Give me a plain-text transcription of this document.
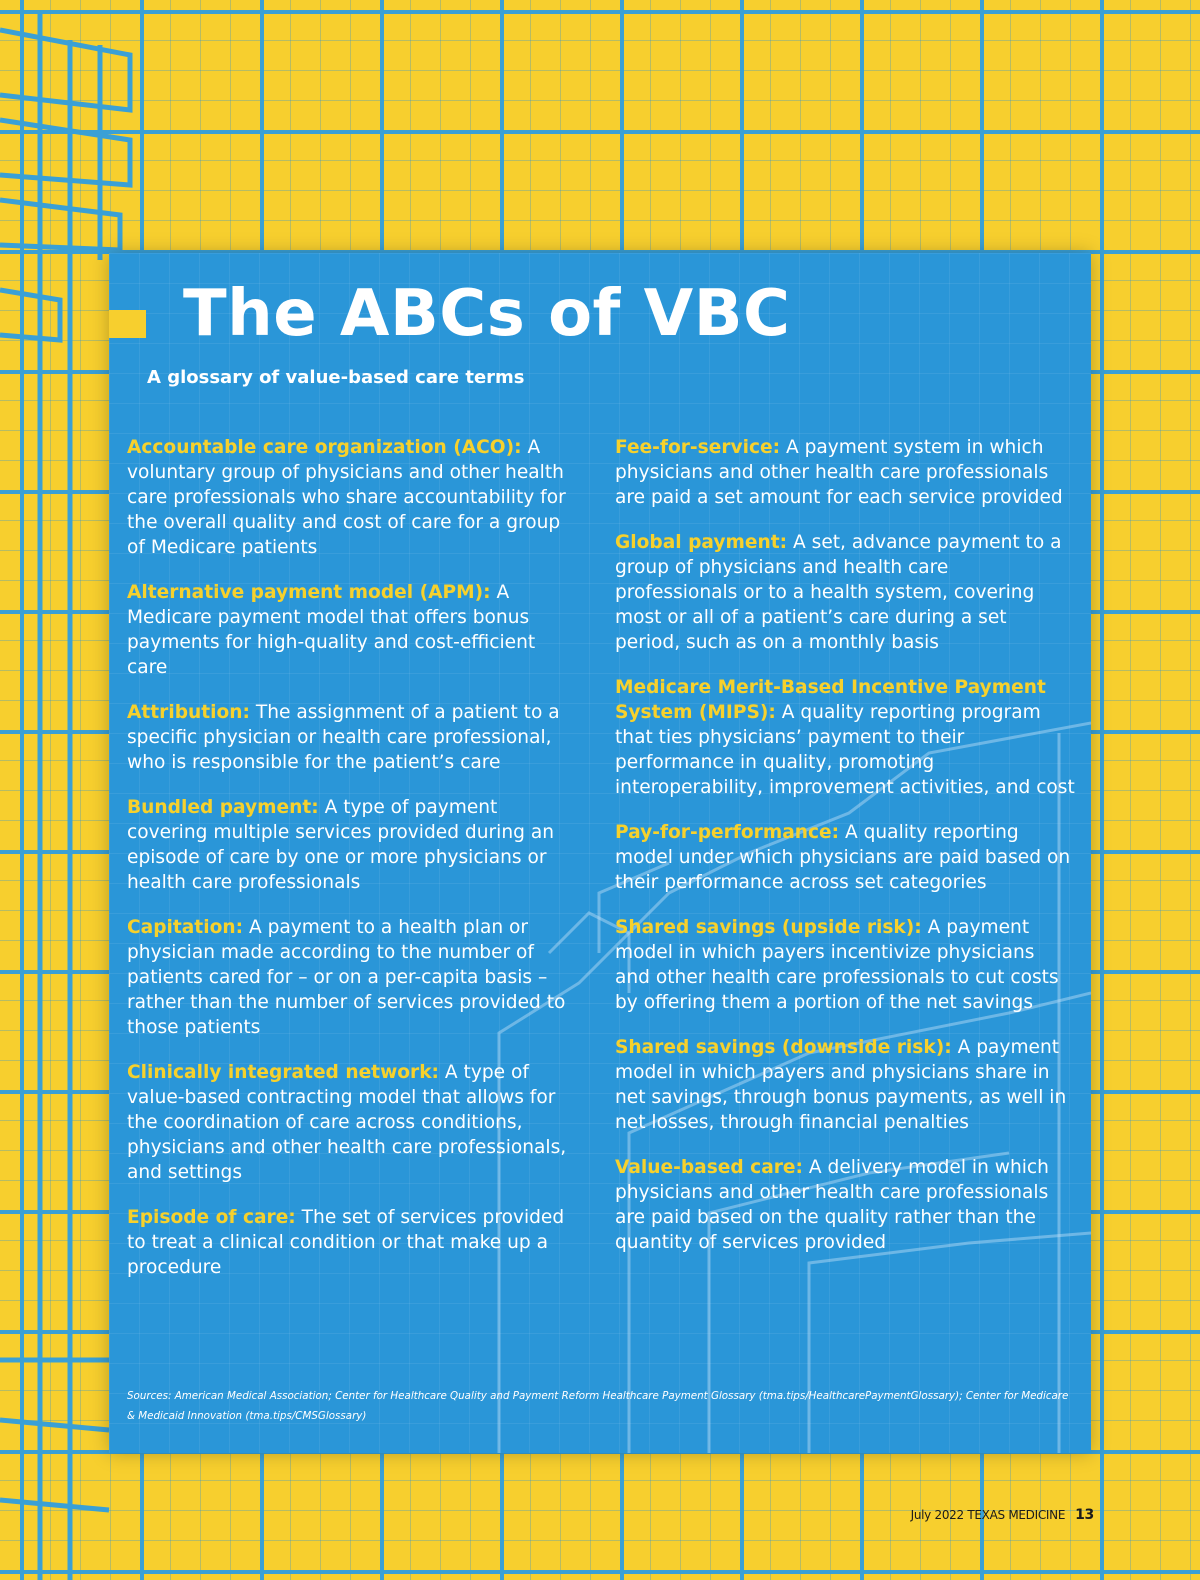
The ABCs of VBC
A glossary of value-based care terms

Accountable care organization (ACO): A voluntary group of physicians and other health care professionals who share accountability for the overall quality and cost of care for a group of Medicare patients

Alternative payment model (APM): A Medicare payment model that offers bonus payments for high-quality and cost-efficient care

Attribution: The assignment of a patient to a specific physician or health care professional, who is responsible for the patient’s care

Bundled payment: A type of payment covering multiple services provided during an episode of care by one or more physicians or health care professionals

Capitation: A payment to a health plan or physician made according to the number of patients cared for – or on a per-capita basis – rather than the number of services provided to those patients

Clinically integrated network: A type of value-based contracting model that allows for the coordination of care across conditions, physicians and other health care professionals, and settings

Episode of care: The set of services provided to treat a clinical condition or that make up a procedure

Fee-for-service: A payment system in which physicians and other health care professionals are paid a set amount for each service provided

Global payment: A set, advance payment to a group of physicians and health care professionals or to a health system, covering most or all of a patient’s care during a set period, such as on a monthly basis

Medicare Merit-Based Incentive Payment System (MIPS): A quality reporting program that ties physicians’ payment to their performance in quality, promoting interoperability, improvement activities, and cost

Pay-for-performance: A quality reporting model under which physicians are paid based on their performance across set categories

Shared savings (upside risk): A payment model in which payers incentivize physicians and other health care professionals to cut costs by offering them a portion of the net savings

Shared savings (downside risk): A payment model in which payers and physicians share in net savings, through bonus payments, as well in net losses, through financial penalties

Value-based care: A delivery model in which physicians and other health care professionals are paid based on the quality rather than the quantity of services provided

Sources: American Medical Association; Center for Healthcare Quality and Payment Reform Healthcare Payment Glossary (tma.tips/HealthcarePaymentGlossary); Center for Medicare & Medicaid Innovation (tma.tips/CMSGlossary)

July 2022 TEXAS MEDICINE 13
